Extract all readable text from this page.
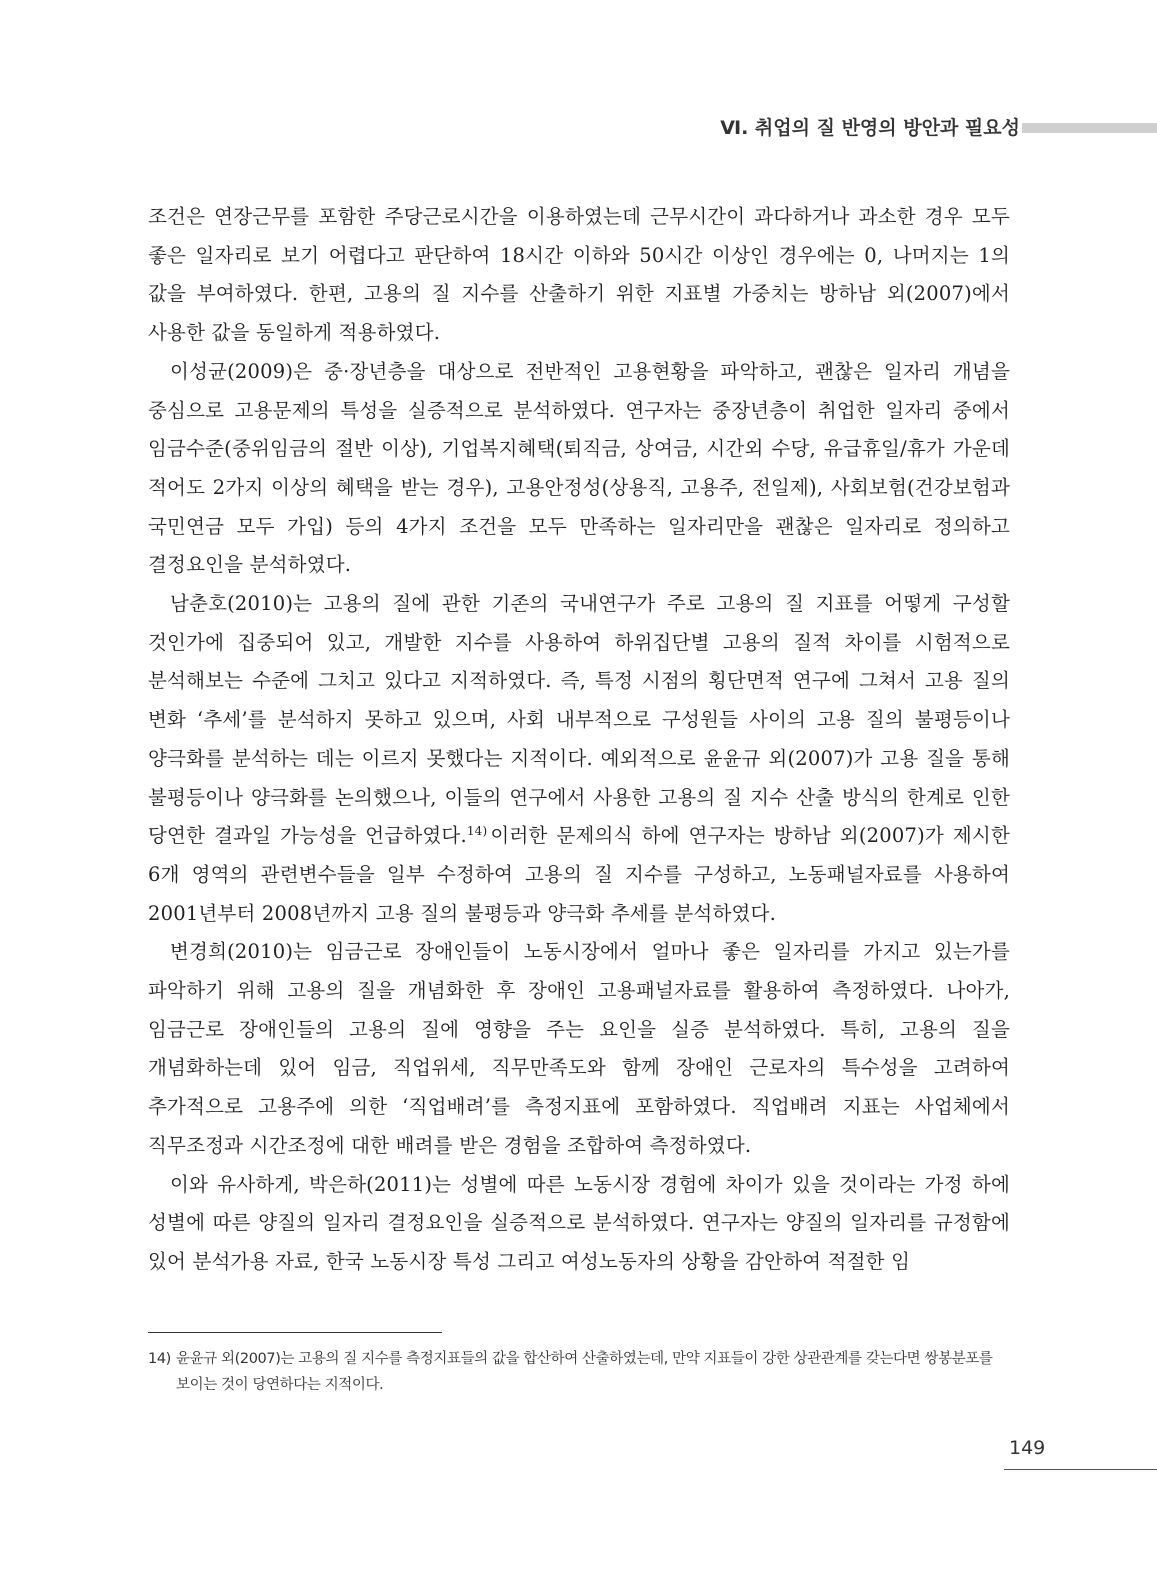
Ⅵ. 취업의 질 반영의 방안과 필요성

조건은 연장근무를 포함한 주당근로시간을 이용하였는데 근무시간이 과다하거나 과소한 경우 모두 좋은 일자리로 보기 어렵다고 판단하여 18시간 이하와 50시간 이상인 경우에는 0, 나머지는 1의 값을 부여하였다. 한편, 고용의 질 지수를 산출하기 위한 지표별 가중치는 방하남 외(2007)에서 사용한 값을 동일하게 적용하였다.

이성균(2009)은 중·장년층을 대상으로 전반적인 고용현황을 파악하고, 괜찮은 일자리 개념을 중심으로 고용문제의 특성을 실증적으로 분석하였다. 연구자는 중장년층이 취업한 일자리 중에서 임금수준(중위임금의 절반 이상), 기업복지혜택(퇴직금, 상여금, 시간외 수당, 유급휴일/휴가 가운데 적어도 2가지 이상의 혜택을 받는 경우), 고용안정성(상용직, 고용주, 전일제), 사회보험(건강보험과 국민연금 모두 가입) 등의 4가지 조건을 모두 만족하는 일자리만을 괜찮은 일자리로 정의하고 결정요인을 분석하였다.

남춘호(2010)는 고용의 질에 관한 기존의 국내연구가 주로 고용의 질 지표를 어떻게 구성할 것인가에 집중되어 있고, 개발한 지수를 사용하여 하위집단별 고용의 질적 차이를 시험적으로 분석해보는 수준에 그치고 있다고 지적하였다. 즉, 특정 시점의 횡단면적 연구에 그쳐서 고용 질의 변화 ‘추세’를 분석하지 못하고 있으며, 사회 내부적으로 구성원들 사이의 고용 질의 불평등이나 양극화를 분석하는 데는 이르지 못했다는 지적이다. 예외적으로 윤윤규 외(2007)가 고용 질을 통해 불평등이나 양극화를 논의했으나, 이들의 연구에서 사용한 고용의 질 지수 산출 방식의 한계로 인한 당연한 결과일 가능성을 언급하였다.$^{14)}$ 이러한 문제의식 하에 연구자는 방하남 외(2007)가 제시한 6개 영역의 관련변수들을 일부 수정하여 고용의 질 지수를 구성하고, 노동패널자료를 사용하여 2001년부터 2008년까지 고용 질의 불평등과 양극화 추세를 분석하였다.

변경희(2010)는 임금근로 장애인들이 노동시장에서 얼마나 좋은 일자리를 가지고 있는가를 파악하기 위해 고용의 질을 개념화한 후 장애인 고용패널자료를 활용하여 측정하였다. 나아가, 임금근로 장애인들의 고용의 질에 영향을 주는 요인을 실증 분석하였다. 특히, 고용의 질을 개념화하는데 있어 임금, 직업위세, 직무만족도와 함께 장애인 근로자의 특수성을 고려하여 추가적으로 고용주에 의한 ‘직업배려’를 측정지표에 포함하였다. 직업배려 지표는 사업체에서 직무조정과 시간조정에 대한 배려를 받은 경험을 조합하여 측정하였다.

이와 유사하게, 박은하(2011)는 성별에 따른 노동시장 경험에 차이가 있을 것이라는 가정 하에 성별에 따른 양질의 일자리 결정요인을 실증적으로 분석하였다. 연구자는 양질의 일자리를 규정함에 있어 분석가용 자료, 한국 노동시장 특성 그리고 여성노동자의 상황을 감안하여 적절한 임

14) 윤윤규 외(2007)는 고용의 질 지수를 측정지표들의 값을 합산하여 산출하였는데, 만약 지표들이 강한 상관관계를 갖는다면 쌍봉분포를 보이는 것이 당연하다는 지적이다.
149
